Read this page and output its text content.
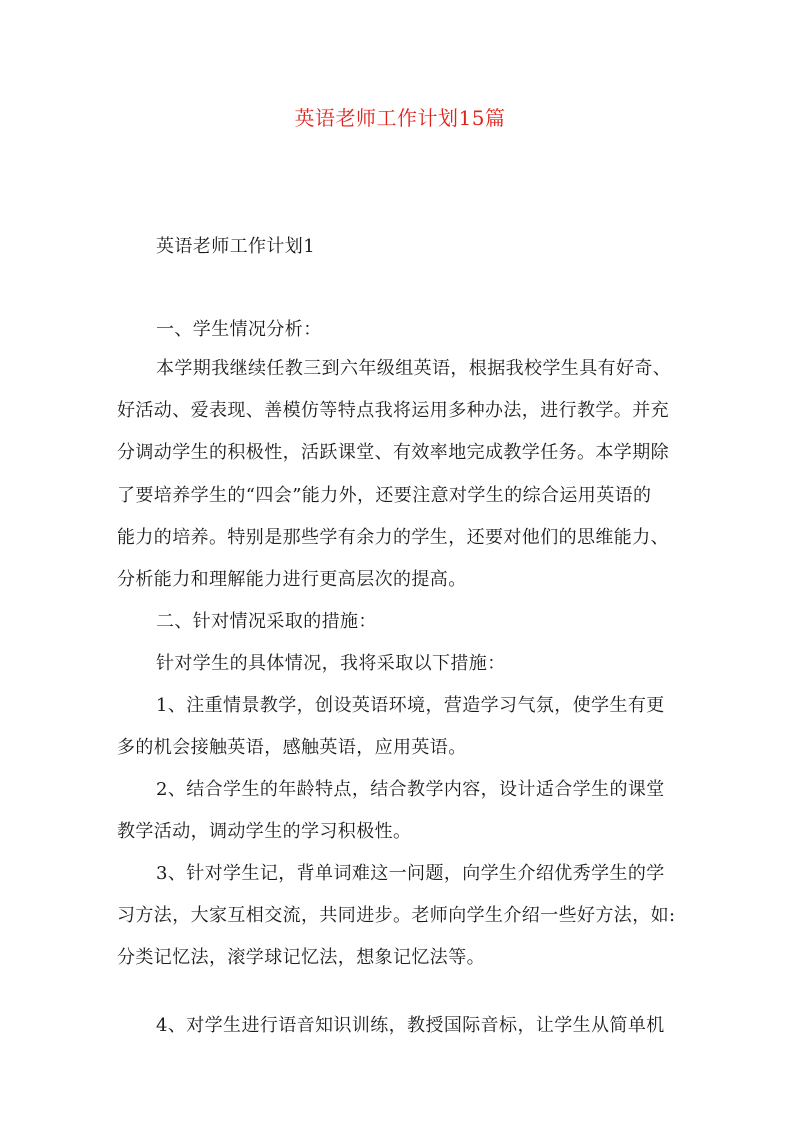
英语老师工作计划15篇

英语老师工作计划1

一、学生情况分析：

本学期我继续任教三到六年级组英语，根据我校学生具有好奇、

好活动、爱表现、善模仿等特点我将运用多种办法，进行教学。并充

分调动学生的积极性，活跃课堂、有效率地完成教学任务。本学期除

了要培养学生的“四会”能力外，还要注意对学生的综合运用英语的

能力的培养。特别是那些学有余力的学生，还要对他们的思维能力、

分析能力和理解能力进行更高层次的提高。

二、针对情况采取的措施：

针对学生的具体情况，我将采取以下措施：

1、注重情景教学，创设英语环境，营造学习气氛，使学生有更

多的机会接触英语，感触英语，应用英语。

2、结合学生的年龄特点，结合教学内容，设计适合学生的课堂

教学活动，调动学生的学习积极性。

3、针对学生记，背单词难这一问题，向学生介绍优秀学生的学

习方法，大家互相交流，共同进步。老师向学生介绍一些好方法，如:

分类记忆法，滚学球记忆法，想象记忆法等。

4、对学生进行语音知识训练，教授国际音标，让学生从简单机
